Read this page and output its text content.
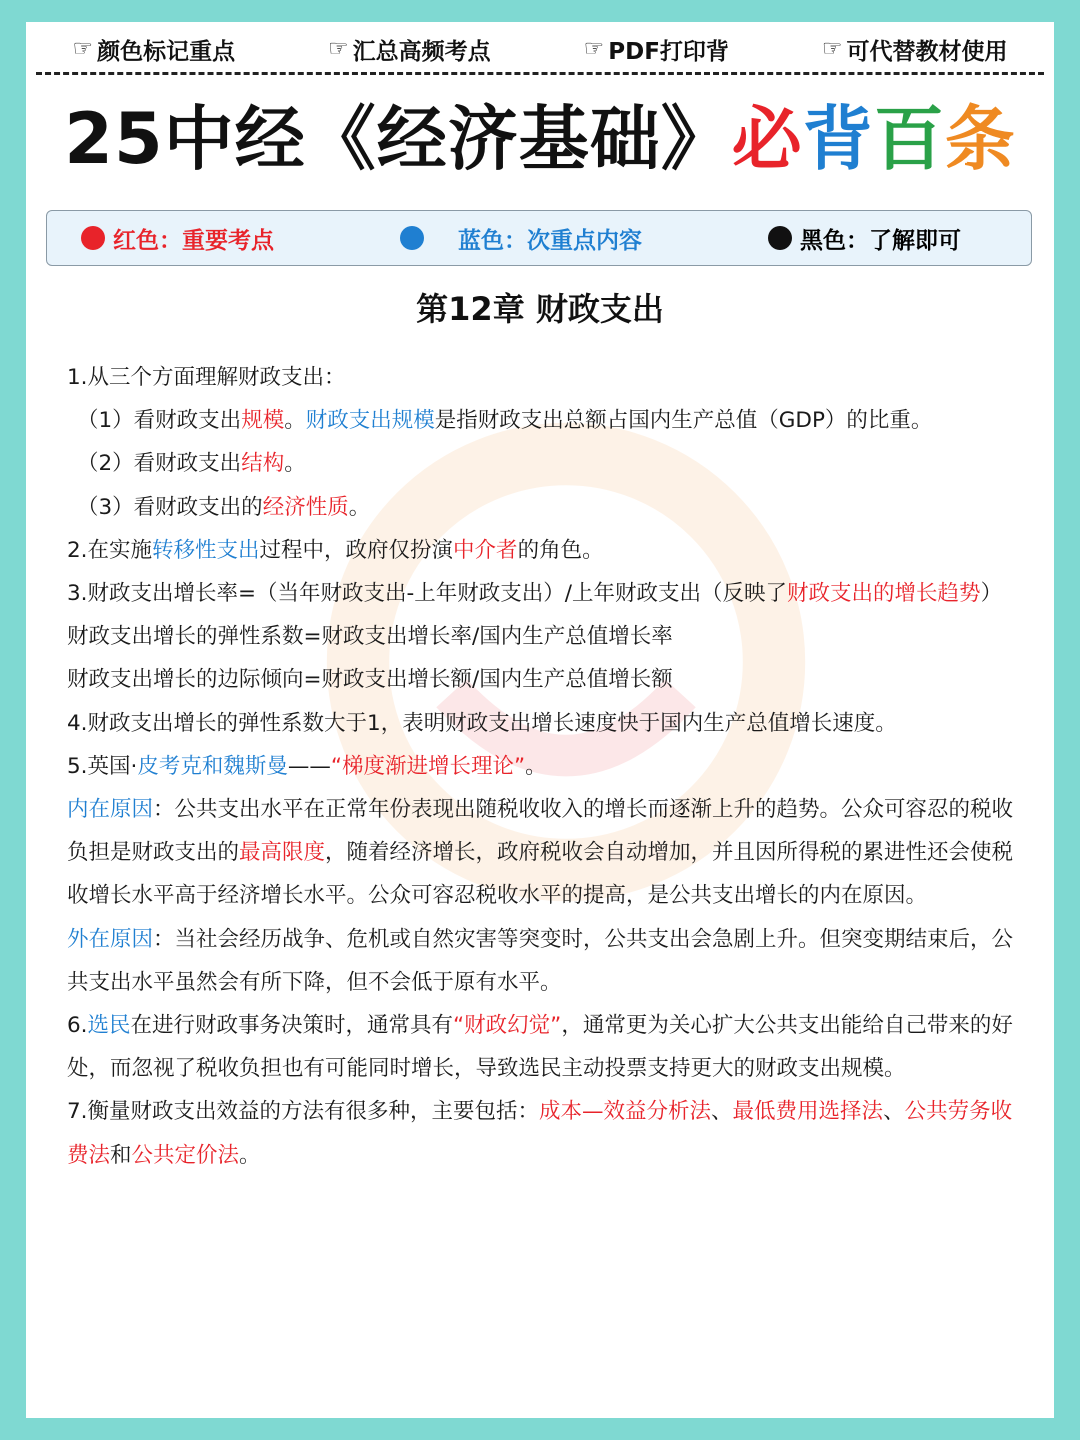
☞ 颜色标记重点	☞ 汇总高频考点	☞ PDF打印背	☞ 可代替教材使用
25中经《经济基础》必背百条
红色：重要考点	蓝色：次重点内容	黑色：了解即可
第12章 财政支出

1.从三个方面理解财政支出：

（1）看财政支出规模。财政支出规模是指财政支出总额占国内生产总值（GDP）的比重。

（2）看财政支出结构。

（3）看财政支出的经济性质。

2.在实施转移性支出过程中，政府仅扮演中介者的角色。

3.财政支出增长率=（当年财政支出-上年财政支出）/上年财政支出（反映了财政支出的增长趋势）

财政支出增长的弹性系数=财政支出增长率/国内生产总值增长率

财政支出增长的边际倾向=财政支出增长额/国内生产总值增长额

4.财政支出增长的弹性系数大于1，表明财政支出增长速度快于国内生产总值增长速度。

5.英国·皮考克和魏斯曼——“梯度渐进增长理论”。

内在原因：公共支出水平在正常年份表现出随税收收入的增长而逐渐上升的趋势。公众可容忍的税收负担是财政支出的最高限度，随着经济增长，政府税收会自动增加，并且因所得税的累进性还会使税收增长水平高于经济增长水平。公众可容忍税收水平的提高，是公共支出增长的内在原因。

外在原因：当社会经历战争、危机或自然灾害等突变时，公共支出会急剧上升。但突变期结束后，公共支出水平虽然会有所下降，但不会低于原有水平。

6.选民在进行财政事务决策时，通常具有“财政幻觉”，通常更为关心扩大公共支出能给自己带来的好处，而忽视了税收负担也有可能同时增长，导致选民主动投票支持更大的财政支出规模。

7.衡量财政支出效益的方法有很多种，主要包括：成本—效益分析法、最低费用选择法、公共劳务收费法和公共定价法。

32
